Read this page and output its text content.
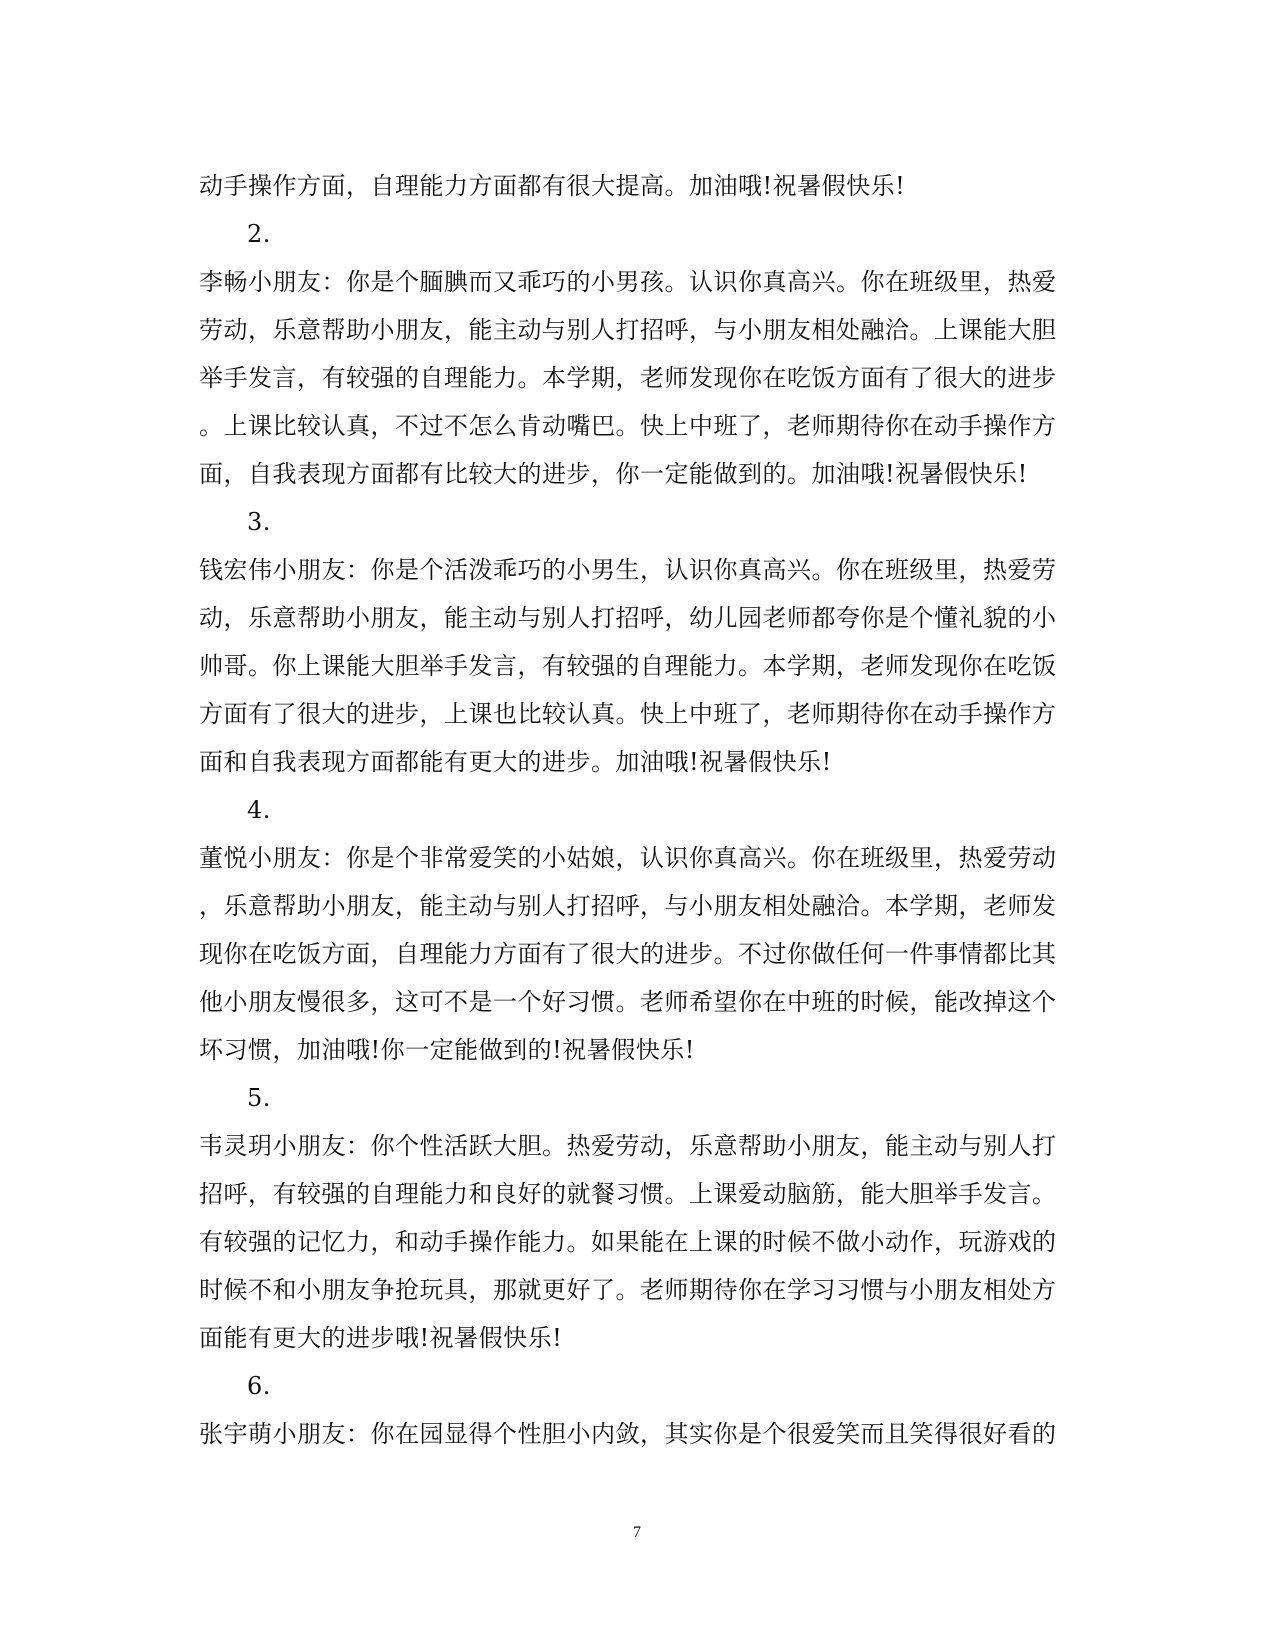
动手操作方面，自理能力方面都有很大提高。加油哦!祝暑假快乐!
2.
李畅小朋友：你是个腼腆而又乖巧的小男孩。认识你真高兴。你在班级里，热爱
劳动，乐意帮助小朋友，能主动与别人打招呼，与小朋友相处融洽。上课能大胆
举手发言，有较强的自理能力。本学期，老师发现你在吃饭方面有了很大的进步
。上课比较认真，不过不怎么肯动嘴巴。快上中班了，老师期待你在动手操作方
面，自我表现方面都有比较大的进步，你一定能做到的。加油哦!祝暑假快乐!
3.
钱宏伟小朋友：你是个活泼乖巧的小男生，认识你真高兴。你在班级里，热爱劳
动，乐意帮助小朋友，能主动与别人打招呼，幼儿园老师都夸你是个懂礼貌的小
帅哥。你上课能大胆举手发言，有较强的自理能力。本学期，老师发现你在吃饭
方面有了很大的进步，上课也比较认真。快上中班了，老师期待你在动手操作方
面和自我表现方面都能有更大的进步。加油哦!祝暑假快乐!
4.
董悦小朋友：你是个非常爱笑的小姑娘，认识你真高兴。你在班级里，热爱劳动
，乐意帮助小朋友，能主动与别人打招呼，与小朋友相处融洽。本学期，老师发
现你在吃饭方面，自理能力方面有了很大的进步。不过你做任何一件事情都比其
他小朋友慢很多，这可不是一个好习惯。老师希望你在中班的时候，能改掉这个
坏习惯，加油哦!你一定能做到的!祝暑假快乐!
5.
韦灵玥小朋友：你个性活跃大胆。热爱劳动，乐意帮助小朋友，能主动与别人打
招呼，有较强的自理能力和良好的就餐习惯。上课爱动脑筋，能大胆举手发言。
有较强的记忆力，和动手操作能力。如果能在上课的时候不做小动作，玩游戏的
时候不和小朋友争抢玩具，那就更好了。老师期待你在学习习惯与小朋友相处方
面能有更大的进步哦!祝暑假快乐!
6.
张宇萌小朋友：你在园显得个性胆小内敛，其实你是个很爱笑而且笑得很好看的
7
